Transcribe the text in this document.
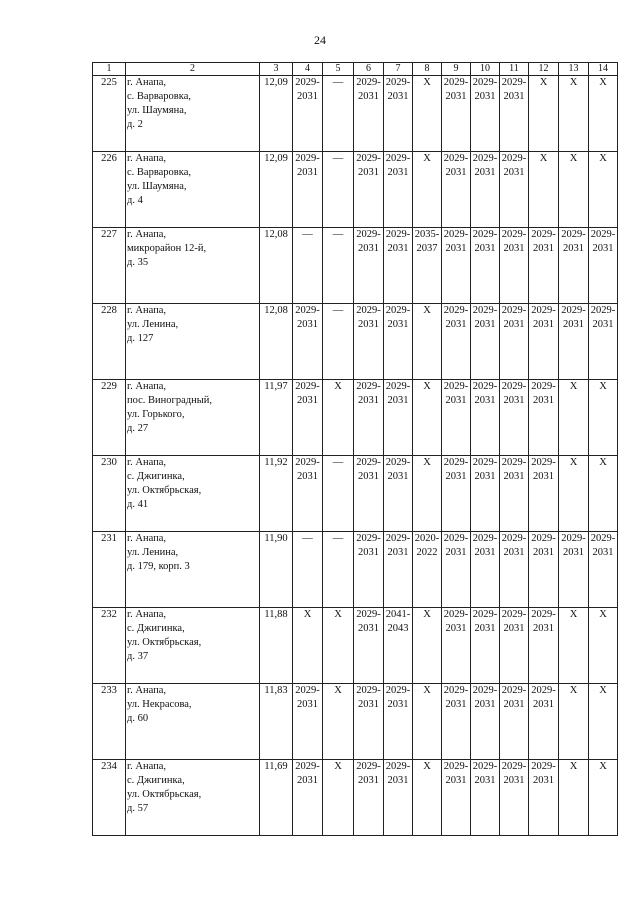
24
1	2	3	4	5	6	7	8	9	10	11	12	13	14
225	г. Анапа,
с. Варваровка,
ул. Шаумяна,
д. 2	12,09	2029-
2031	—	2029-
2031	2029-
2031	Х	2029-
2031	2029-
2031	2029-
2031	Х	Х	Х

226	г. Анапа,
с. Варваровка,
ул. Шаумяна,
д. 4	12,09	2029-
2031	—	2029-
2031	2029-
2031	Х	2029-
2031	2029-
2031	2029-
2031	Х	Х	Х

227	г. Анапа,
микрорайон 12-й,
д. 35	12,08	—	—	2029-
2031	2029-
2031	2035-
2037	2029-
2031	2029-
2031	2029-
2031	2029-
2031	2029-
2031	2029-
2031

228	г. Анапа,
ул. Ленина,
д. 127	12,08	2029-
2031	—	2029-
2031	2029-
2031	Х	2029-
2031	2029-
2031	2029-
2031	2029-
2031	2029-
2031	2029-
2031

229	г. Анапа,
пос. Виноградный,
ул. Горького,
д. 27	11,97	2029-
2031	Х	2029-
2031	2029-
2031	Х	2029-
2031	2029-
2031	2029-
2031	2029-
2031	Х	Х

230	г. Анапа,
с. Джигинка,
ул. Октябрьская,
д. 41	11,92	2029-
2031	—	2029-
2031	2029-
2031	Х	2029-
2031	2029-
2031	2029-
2031	2029-
2031	Х	Х

231	г. Анапа,
ул. Ленина,
д. 179, корп. 3	11,90	—	—	2029-
2031	2029-
2031	2020-
2022	2029-
2031	2029-
2031	2029-
2031	2029-
2031	2029-
2031	2029-
2031

232	г. Анапа,
с. Джигинка,
ул. Октябрьская,
д. 37	11,88	Х	Х	2029-
2031	2041-
2043	Х	2029-
2031	2029-
2031	2029-
2031	2029-
2031	Х	Х

233	г. Анапа,
ул. Некрасова,
д. 60	11,83	2029-
2031	Х	2029-
2031	2029-
2031	Х	2029-
2031	2029-
2031	2029-
2031	2029-
2031	Х	Х

234	г. Анапа,
с. Джигинка,
ул. Октябрьская,
д. 57	11,69	2029-
2031	Х	2029-
2031	2029-
2031	Х	2029-
2031	2029-
2031	2029-
2031	2029-
2031	Х	Х
